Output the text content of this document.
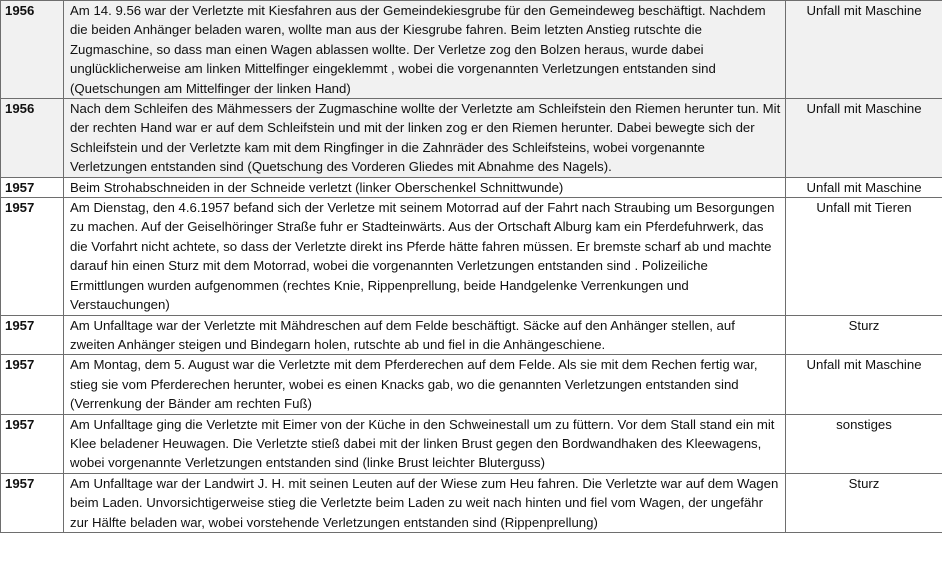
1956	Am 14. 9.56 war der Verletzte mit Kiesfahren aus der Gemeindekiesgrube für den Gemeindeweg beschäftigt. Nachdem die beiden Anhänger beladen waren, wollte man aus der Kiesgrube fahren. Beim letzten Anstieg rutschte die Zugmaschine, so dass man einen Wagen ablassen wollte. Der Verletze zog den Bolzen heraus, wurde dabei unglücklicherweise am linken Mittelfinger eingeklemmt , wobei die vorgenannten Verletzungen entstanden sind (Quetschungen am Mittelfinger der linken Hand)	Unfall mit Maschine
1956	Nach dem Schleifen des Mähmessers der Zugmaschine wollte der Verletzte am Schleifstein den Riemen herunter tun. Mit der rechten Hand war er auf dem Schleifstein und mit der linken zog er den Riemen herunter. Dabei bewegte sich der Schleifstein und der Verletzte kam mit dem Ringfinger in die Zahnräder des Schleifsteins, wobei vorgenannte Verletzungen entstanden sind (Quetschung des Vorderen Gliedes mit Abnahme des Nagels).	Unfall mit Maschine
1957	Beim Strohabschneiden in der Schneide verletzt (linker Oberschenkel Schnittwunde)	Unfall mit Maschine
1957	Am Dienstag, den 4.6.1957 befand sich der Verletze mit seinem Motorrad auf der Fahrt nach Straubing um Besorgungen zu machen. Auf der Geiselhöringer Straße fuhr er Stadteinwärts. Aus der Ortschaft Alburg kam ein Pferdefuhrwerk, das die Vorfahrt nicht achtete, so dass der Verletzte direkt ins Pferde hätte fahren müssen. Er bremste scharf ab und machte darauf hin einen Sturz mit dem Motorrad, wobei die vorgenannten Verletzungen entstanden sind . Polizeiliche Ermittlungen wurden aufgenommen (rechtes Knie, Rippenprellung, beide Handgelenke Verrenkungen und Verstauchungen)	Unfall mit Tieren
1957	Am Unfalltage war der Verletzte mit Mähdreschen auf dem Felde beschäftigt. Säcke auf den Anhänger stellen, auf zweiten Anhänger steigen und Bindegarn holen, rutschte ab und fiel in die Anhängeschiene.	Sturz
1957	Am Montag, dem 5. August war die Verletzte mit dem Pferderechen auf dem Felde. Als sie mit dem Rechen fertig war, stieg sie vom Pferderechen herunter, wobei es einen Knacks gab, wo die genannten Verletzungen entstanden sind (Verrenkung der Bänder am rechten Fuß)	Unfall mit Maschine
1957	Am Unfalltage ging die Verletzte mit Eimer von der Küche in den Schweinestall um zu füttern. Vor dem Stall stand ein mit Klee beladener Heuwagen. Die Verletzte stieß dabei mit der linken Brust gegen den Bordwandhaken des Kleewagens, wobei vorgenannte Verletzungen entstanden sind (linke Brust leichter Bluterguss)	sonstiges
1957	Am Unfalltage war der Landwirt J. H. mit seinen Leuten auf der Wiese zum Heu fahren. Die Verletzte war auf dem Wagen beim Laden. Unvorsichtigerweise stieg die Verletzte beim Laden zu weit nach hinten und fiel vom Wagen, der ungefähr zur Hälfte beladen war, wobei vorstehende Verletzungen entstanden sind (Rippenprellung)	Sturz
